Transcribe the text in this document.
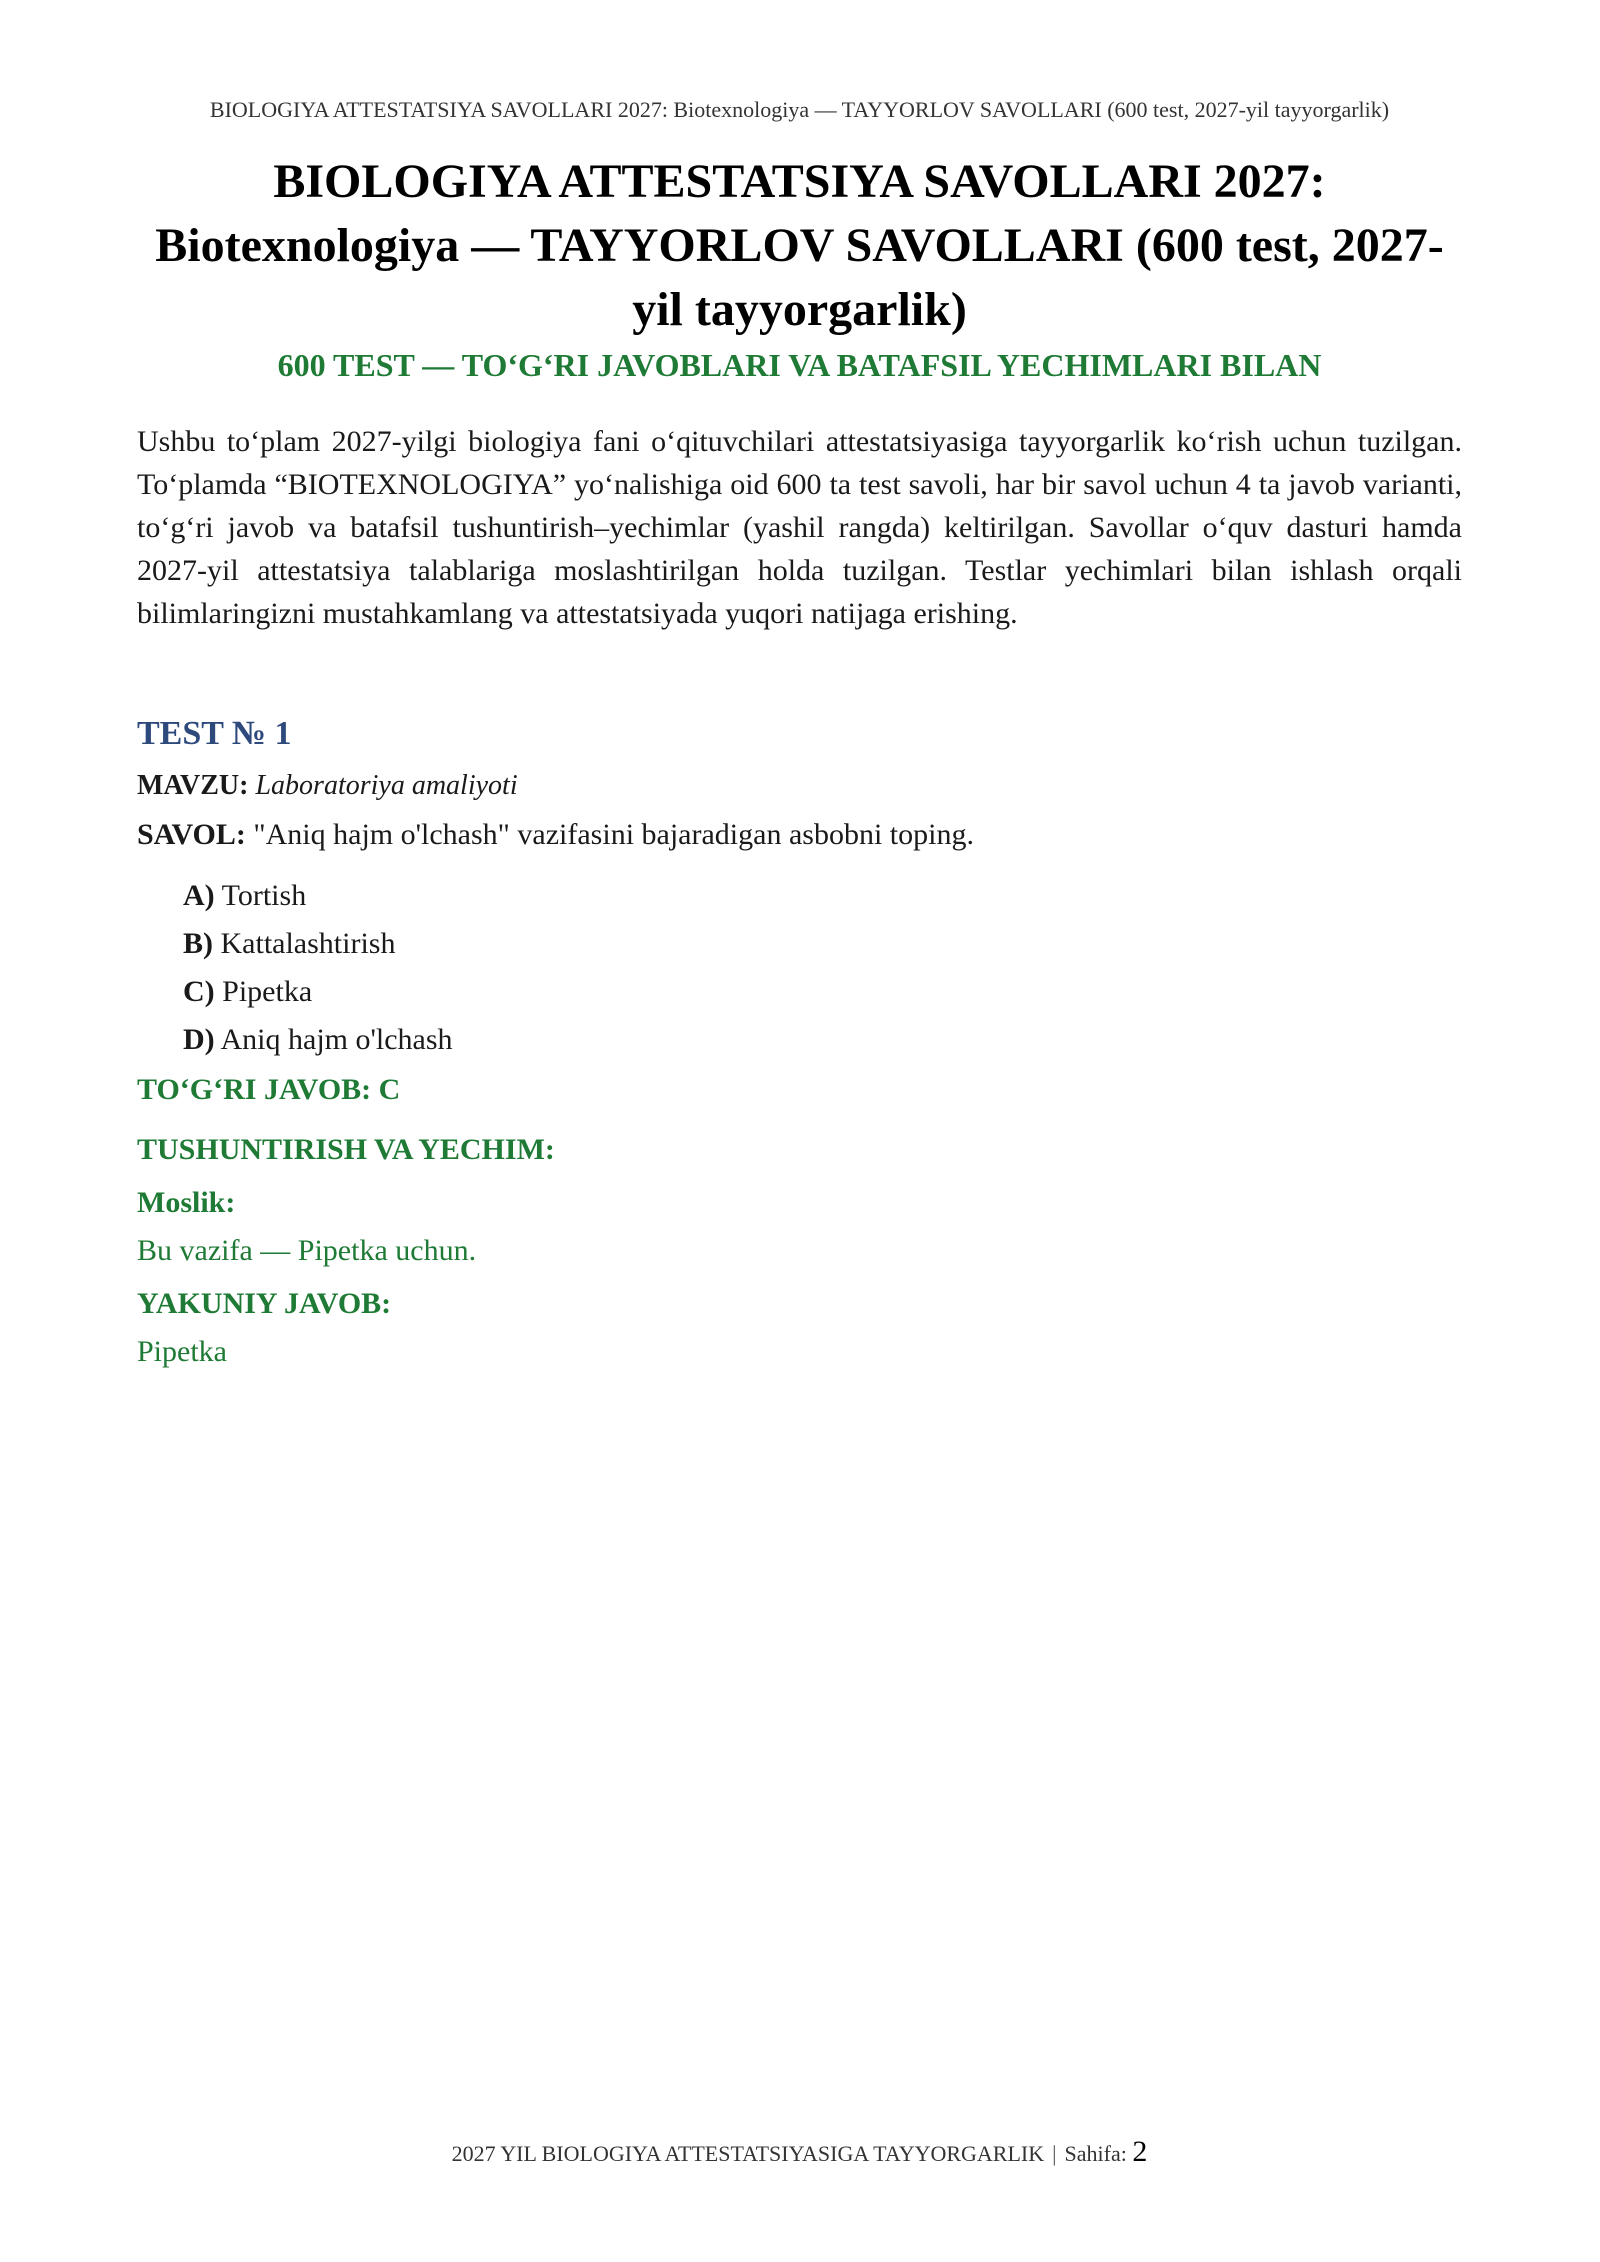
BIOLOGIYA ATTESTATSIYA SAVOLLARI 2027: Biotexnologiya — TAYYORLOV SAVOLLARI (600 test, 2027-yil tayyorgarlik)
BIOLOGIYA ATTESTATSIYA SAVOLLARI 2027:
Biotexnologiya — TAYYORLOV SAVOLLARI (600 test, 2027-
yil tayyorgarlik)
600 TEST — TO‘G‘RI JAVOBLARI VA BATAFSIL YECHIMLARI BILAN
Ushbu to‘plam 2027-yilgi biologiya fani o‘qituvchilari attestatsiyasiga tayyorgarlik ko‘rish uchun tuzilgan. To‘plamda “BIOTEXNOLOGIYA” yo‘nalishiga oid 600 ta test savoli, har bir savol uchun 4 ta javob varianti, to‘g‘ri javob va batafsil tushuntirish–yechimlar (yashil rangda) keltirilgan. Savollar o‘quv dasturi hamda 2027-yil attestatsiya talablariga moslashtirilgan holda tuzilgan. Testlar yechimlari bilan ishlash orqali bilimlaringizni mustahkamlang va attestatsiyada yuqori natijaga erishing.
TEST № 1
MAVZU: Laboratoriya amaliyoti
SAVOL: "Aniq hajm o'lchash" vazifasini bajaradigan asbobni toping.
A) Tortish
B) Kattalashtirish
C) Pipetka
D) Aniq hajm o'lchash
TO‘G‘RI JAVOB: C
TUSHUNTIRISH VA YECHIM:
Moslik:
Bu vazifa — Pipetka uchun.
YAKUNIY JAVOB:
Pipetka
2027 YIL BIOLOGIYA ATTESTATSIYASIGA TAYYORGARLIK | Sahifa: 2
